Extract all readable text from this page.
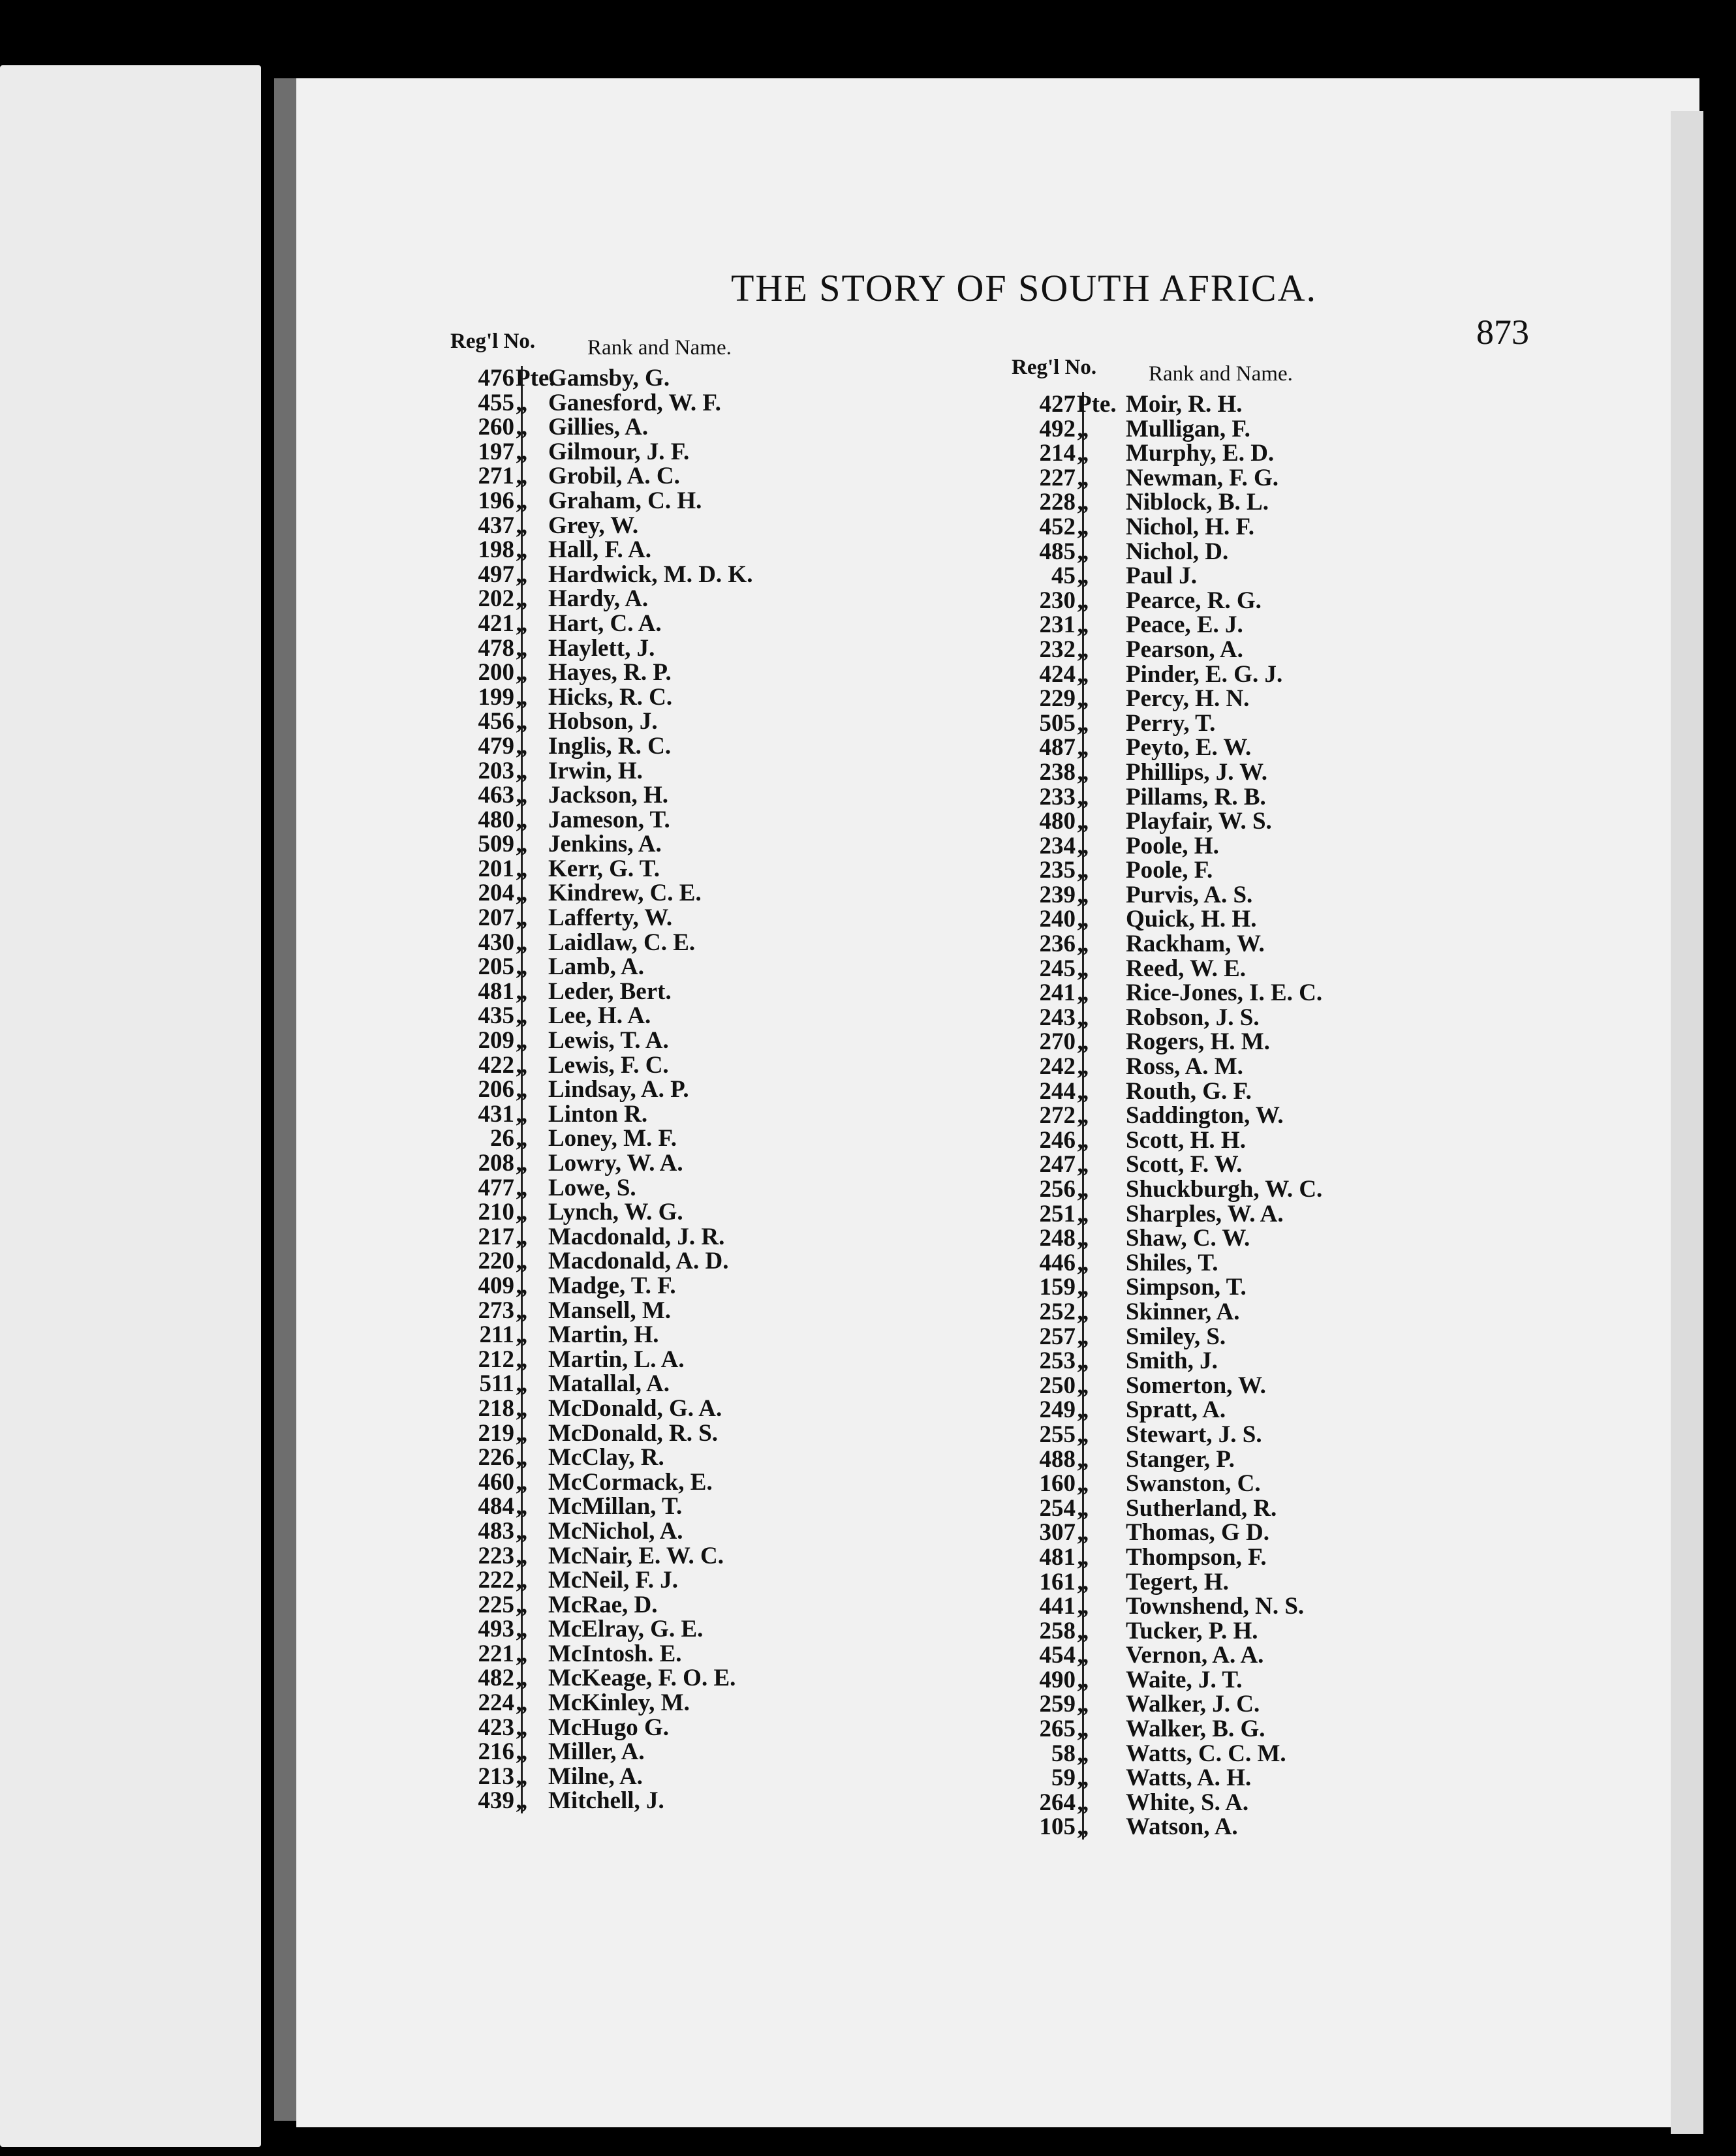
THE STORY OF SOUTH AFRICA.
873
Reg'l No. Rank and Name.
476 Pte.
Gamsby, G.
455 „ Ganesford, W. F.
260 „ Gillies, A.
197 „ Gilmour, J. F.
271 „ Grobil, A. C.
196 „ Graham, C. H.
437 „ Grey, W.
198 „ Hall, F. A.
497 „ Hardwick, M. D. K.
202 „ Hardy, A.
421 „ Hart, C. A.
478 „ Haylett, J.
200 „ Hayes, R. P.
199 „ Hicks, R. C.
456 „ Hobson, J.
479 „ Inglis, R. C.
203 „ Irwin, H.
463 „ Jackson, H.
480 „ Jameson, T.
509 „ Jenkins, A.
201 „ Kerr, G. T.
204 „ Kindrew, C. E.
207 „ Lafferty, W.
430 „ Laidlaw, C. E.
205 „ Lamb, A.
481 „ Leder, Bert.
435 „ Lee, H. A.
209 „ Lewis, T. A.
422 „ Lewis, F. C.
206 „ Lindsay, A. P.
431 „ Linton R.
26 „ Loney, M. F.
208 „ Lowry, W. A.
477 „ Lowe, S.
210 „ Lynch, W. G.
217 „ Macdonald, J. R.
220 „ Macdonald, A. D.
409 „ Madge, T. F.
273 „ Mansell, M.
211 „ Martin, H.
212 „ Martin, L. A.
511 „ Matallal, A.
218 „ McDonald, G. A.
219 „ McDonald, R. S.
226 „ McClay, R.
460 „ McCormack, E.
484 „ McMillan, T.
483 „ McNichol, A.
223 „ McNair, E. W. C.
222 „ McNeil, F. J.
225 „ McRae, D.
493 „ McElray, G. E.
221 „ McIntosh. E.
482 „ McKeage, F. O. E.
224 „ McKinley, M.
423 „ McHugo G.
216 „ Miller, A.
213 „ Milne, A.
439 „ Mitchell, J.
Reg'l No. Rank and Name.
427 Pte. Moir, R. H.
492 „ Mulligan, F.
214 „ Murphy, E. D.
227 „ Newman, F. G.
228 „ Niblock, B. L.
452 „ Nichol, H. F.
485 „ Nichol, D.
45 „ Paul J.
230 „ Pearce, R. G.
231 „ Peace, E. J.
232 „ Pearson, A.
424 „ Pinder, E. G. J.
229 „ Percy, H. N.
505 „ Perry, T.
487 „ Peyto, E. W.
238 „ Phillips, J. W.
233 „ Pillams, R. B.
480 „ Playfair, W. S.
234 „ Poole, H.
235 „ Poole, F.
239 „ Purvis, A. S.
240 „ Quick, H. H.
236 „ Rackham, W.
245 „ Reed, W. E.
241 „ Rice-Jones, I. E. C.
243 „ Robson, J. S.
270 „ Rogers, H. M.
242 „ Ross, A. M.
244 „ Routh, G. F.
272 „ Saddington, W.
246 „ Scott, H. H.
247 „ Scott, F. W.
256 „ Shuckburgh, W. C.
251 „ Sharples, W. A.
248 „ Shaw, C. W.
446 „ Shiles, T.
159 „ Simpson, T.
252 „ Skinner, A.
257 „ Smiley, S.
253 „ Smith, J.
250 „ Somerton, W.
249 „ Spratt, A.
255 „ Stewart, J. S.
488 „ Stanger, P.
160 „ Swanston, C.
254 „ Sutherland, R.
307 „ Thomas, G D.
481 „ Thompson, F.
161 „ Tegert, H.
441 „ Townshend, N. S.
258 „ Tucker, P. H.
454 „ Vernon, A. A.
490 „ Waite, J. T.
259 „ Walker, J. C.
265 „ Walker, B. G.
58 „ Watts, C. C. M.
59 „ Watts, A. H.
264 „ White, S. A.
105 „ Watson, A.
